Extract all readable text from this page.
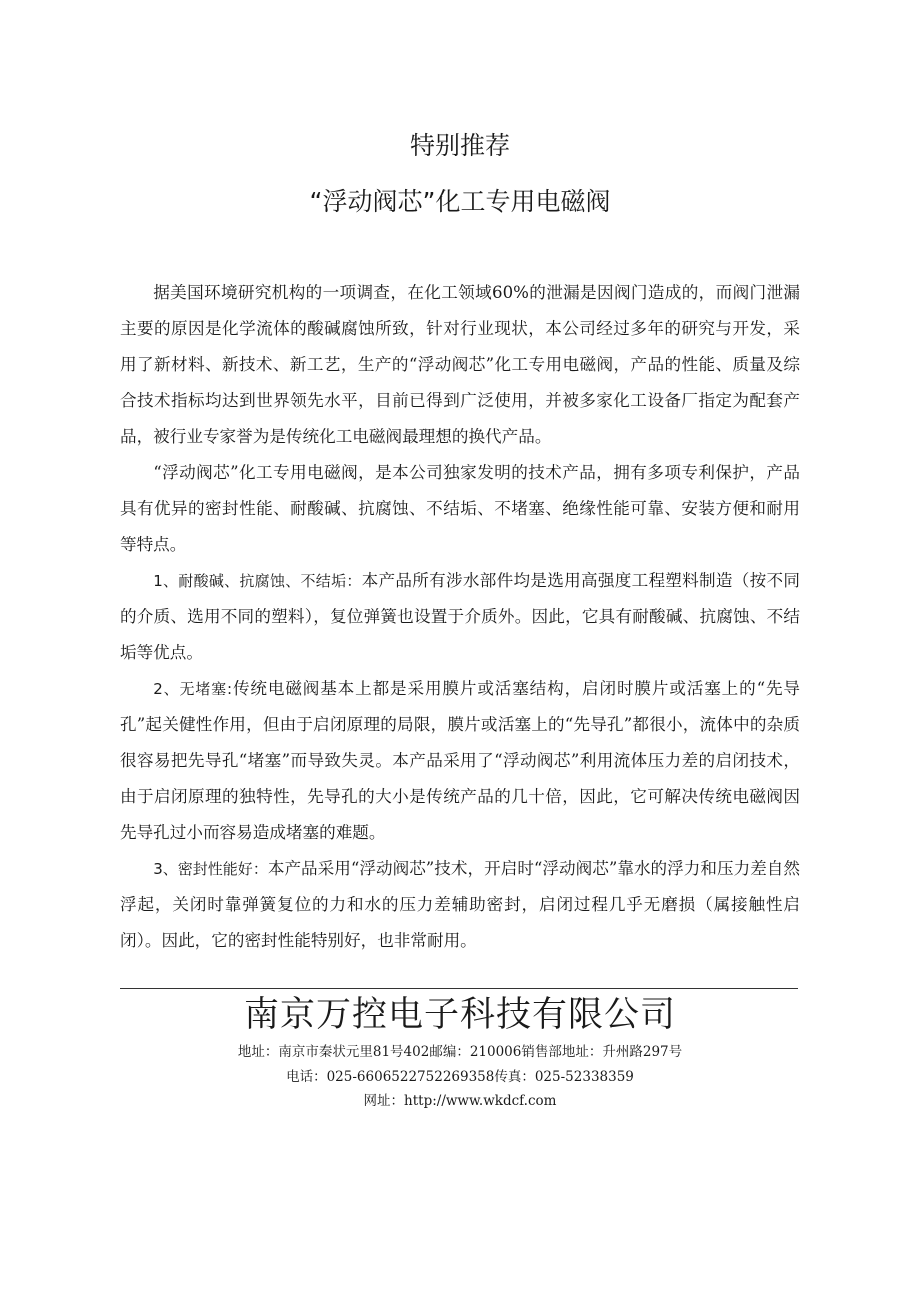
特别推荐
“浮动阀芯”化工专用电磁阀

据美国环境研究机构的一项调查，在化工领域60%的泄漏是因阀门造成的，而阀门泄漏主要的原因是化学流体的酸碱腐蚀所致，针对行业现状，本公司经过多年的研究与开发，采用了新材料、新技术、新工艺，生产的“浮动阀芯”化工专用电磁阀，产品的性能、质量及综合技术指标均达到世界领先水平，目前已得到广泛使用，并被多家化工设备厂指定为配套产品，被行业专家誉为是传统化工电磁阀最理想的换代产品。

“浮动阀芯”化工专用电磁阀，是本公司独家发明的技术产品，拥有多项专利保护，产品具有优异的密封性能、耐酸碱、抗腐蚀、不结垢、不堵塞、绝缘性能可靠、安装方便和耐用等特点。

1、耐酸碱、抗腐蚀、不结垢：本产品所有涉水部件均是选用高强度工程塑料制造（按不同的介质、选用不同的塑料），复位弹簧也设置于介质外。因此，它具有耐酸碱、抗腐蚀、不结垢等优点。

2、无堵塞:传统电磁阀基本上都是采用膜片或活塞结构，启闭时膜片或活塞上的“先导孔”起关健性作用，但由于启闭原理的局限，膜片或活塞上的“先导孔”都很小，流体中的杂质很容易把先导孔“堵塞”而导致失灵。本产品采用了“浮动阀芯”利用流体压力差的启闭技术，由于启闭原理的独特性，先导孔的大小是传统产品的几十倍，因此，它可解决传统电磁阀因先导孔过小而容易造成堵塞的难题。

3、密封性能好：本产品采用“浮动阀芯”技术，开启时“浮动阀芯”靠水的浮力和压力差自然浮起，关闭时靠弹簧复位的力和水的压力差辅助密封，启闭过程几乎无磨损（属接触性启闭）。因此，它的密封性能特别好，也非常耐用。

南京万控电子科技有限公司
地址：南京市秦状元里81号402邮编：210006销售部地址：升州路297号
电话：025-6606522752269358传真：025-52338359
网址：http://www.wkdcf.com
